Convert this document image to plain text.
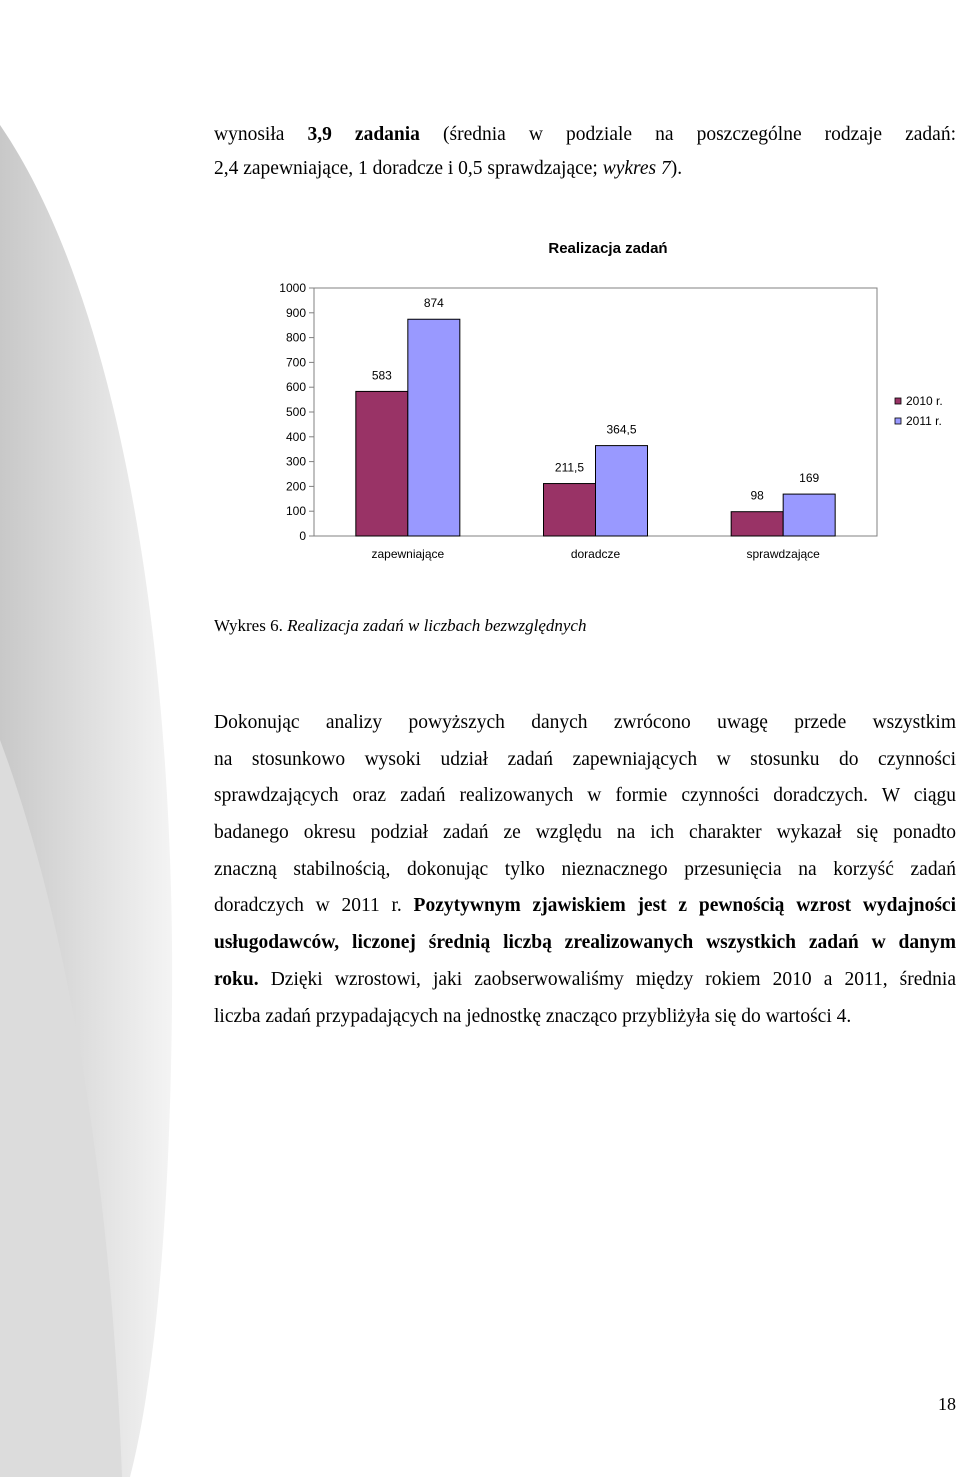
wynosiła 3,9 zadania (średnia w podziale na poszczególne rodzaje zadań:
2,4 zapewniające, 1 doradcze i 0,5 sprawdzające; wykres 7).
Realizacja zadań
0
100
200
300
400
500
600
700
800
900
1000
583
874
211,5
364,5
98
169
zapewniające	doradcze	sprawdzające
2010 r.
2011 r.
Wykres 6. Realizacja zadań w liczbach bezwzględnych
Dokonując analizy powyższych danych zwrócono uwagę przede wszystkim
na stosunkowo wysoki udział zadań zapewniających w stosunku do czynności
sprawdzających oraz zadań realizowanych w formie czynności doradczych. W ciągu
badanego okresu podział zadań ze względu na ich charakter wykazał się ponadto
znaczną stabilnością, dokonując tylko nieznacznego przesunięcia na korzyść zadań
doradczych w 2011 r. Pozytywnym zjawiskiem jest z pewnością wzrost wydajności
usługodawców, liczonej średnią liczbą zrealizowanych wszystkich zadań w danym
roku. Dzięki wzrostowi, jaki zaobserwowaliśmy między rokiem 2010 a 2011, średnia
liczba zadań przypadających na jednostkę znacząco przybliżyła się do wartości 4.
18
